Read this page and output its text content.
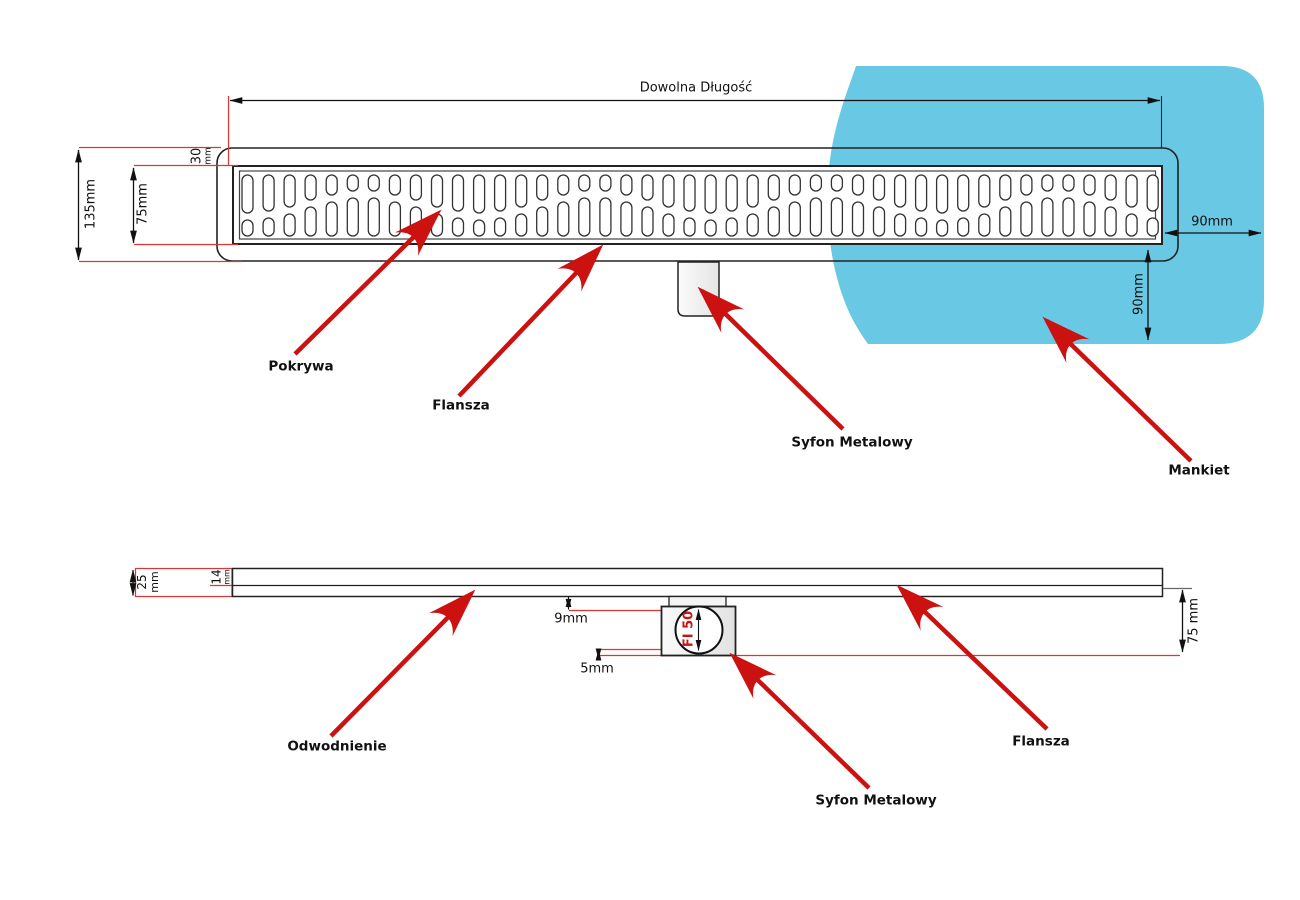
Dowolna Długość
135mm	75mm
30 mm
90mm
90mm
Pokrywa
Flansza
Syfon Metalowy
Mankiet
25 mm	14 mm
9mm
5mm
FI 50	75 mm
Odwodnienie	Flansza
Syfon Metalowy
